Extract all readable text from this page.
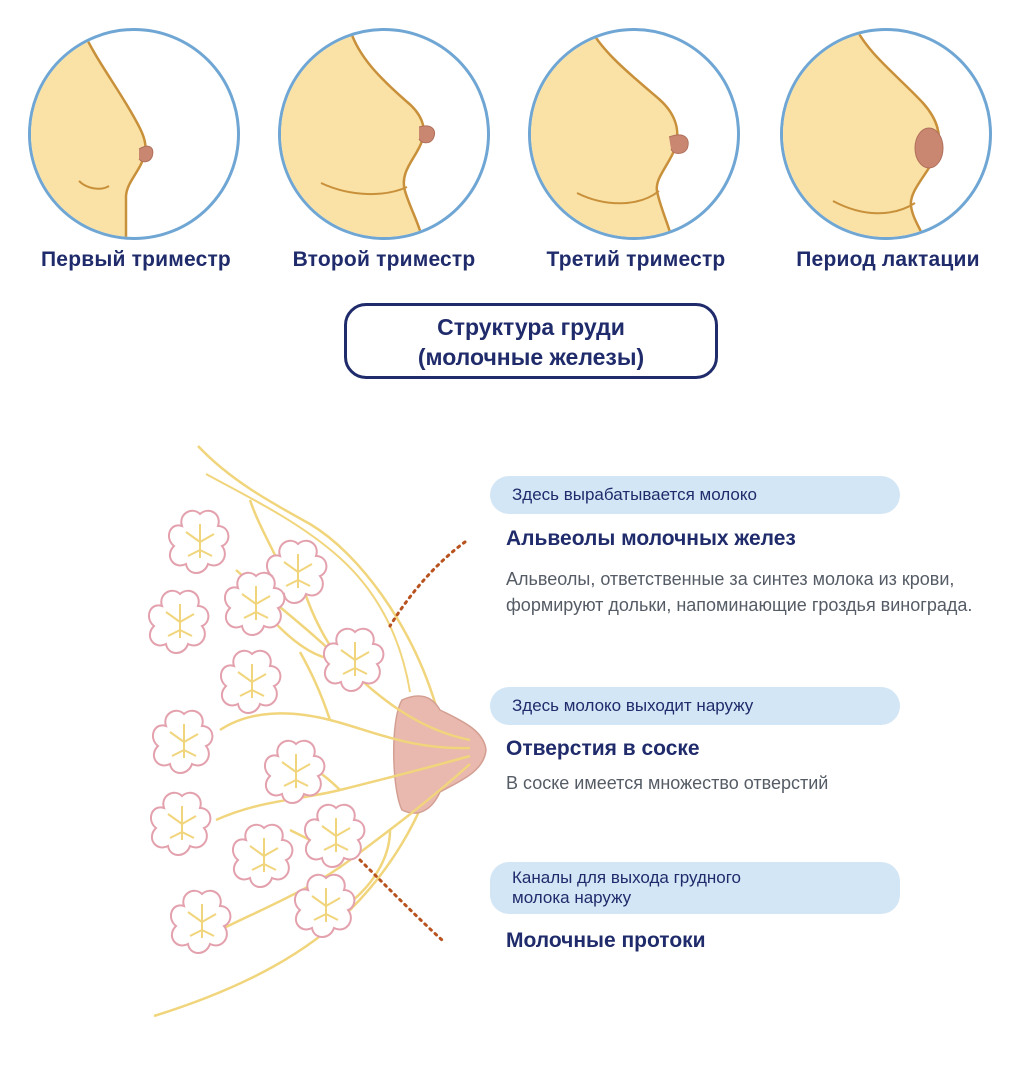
Первый триместр	Второй триместр	Третий триместр	Период лактации
Структура груди
(молочные железы)
Здесь вырабатывается молоко
Альвеолы молочных желез
Альвеолы, ответственные за синтез молока из крови, формируют дольки, напоминающие гроздья винограда.
Здесь молоко выходит наружу
Отверстия в соске
В соске имеется множество отверстий
Каналы для выхода грудного
молока наружу
Молочные протоки
